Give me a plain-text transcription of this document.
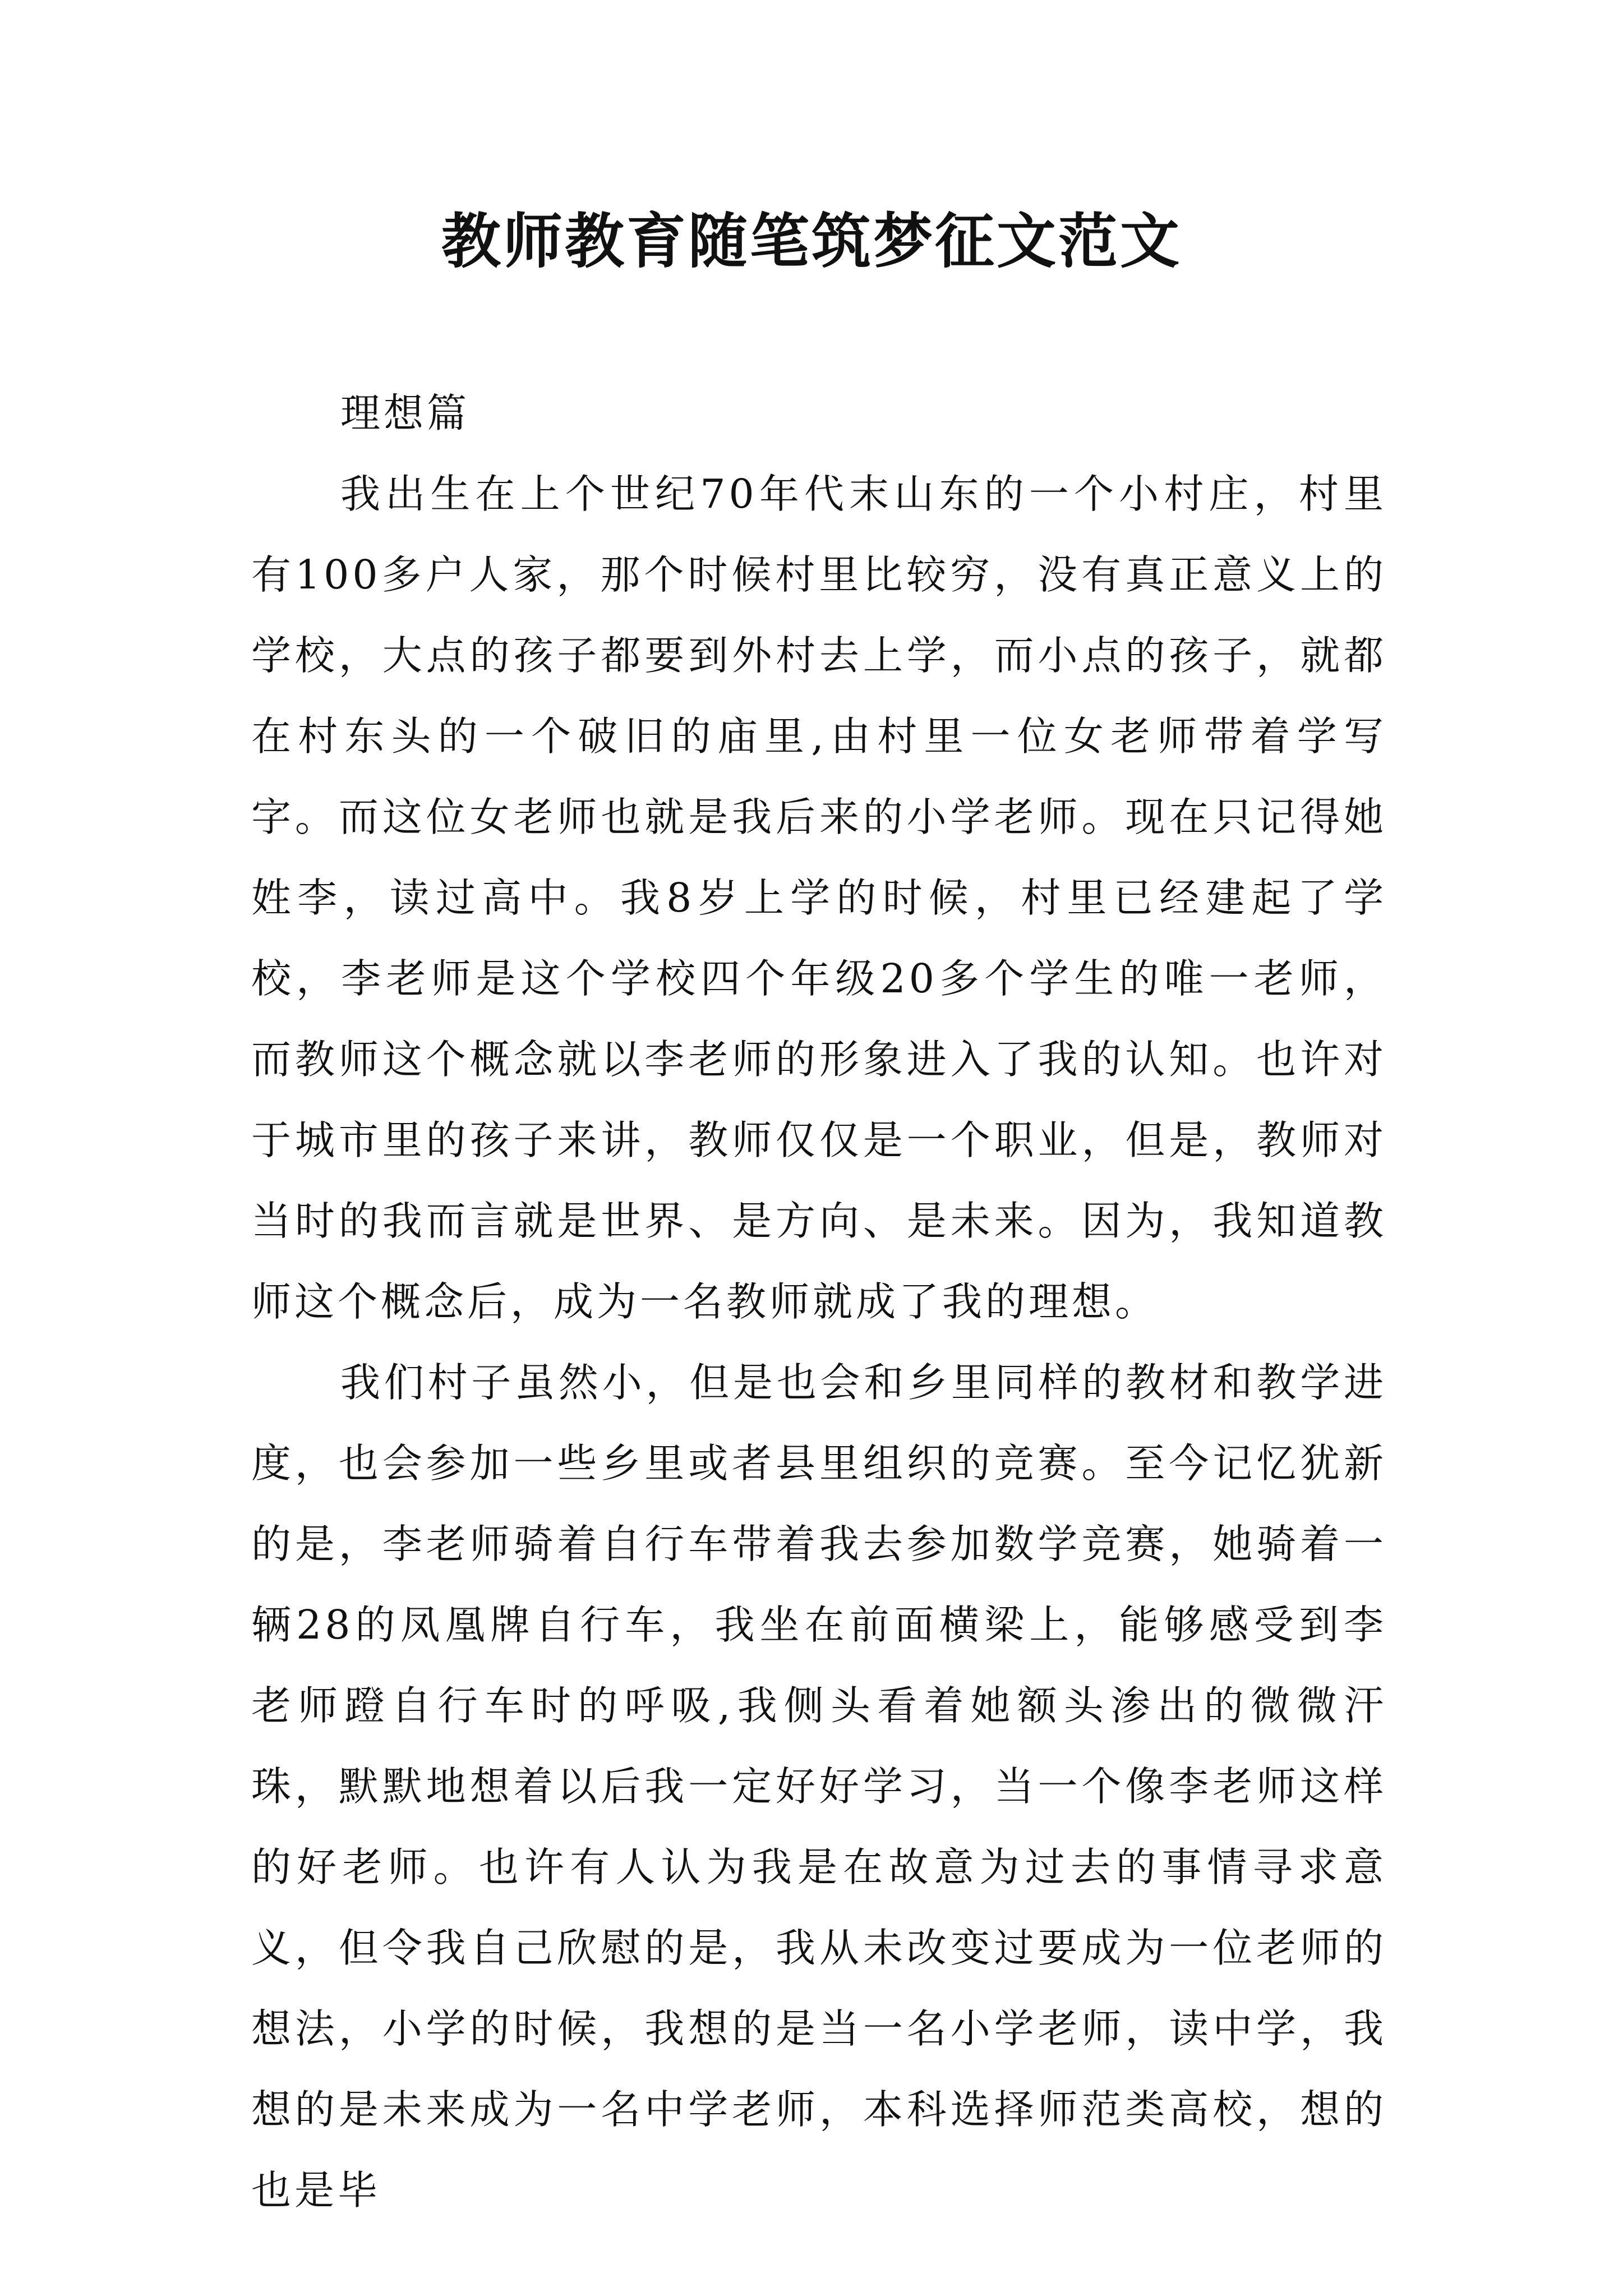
教师教育随笔筑梦征文范文

理想篇

我出生在上个世纪70年代末山东的一个小村庄，村里有100多户人家，那个时候村里比较穷，没有真正意义上的学校，大点的孩子都要到外村去上学，而小点的孩子，就都在村东头的一个破旧的庙里,由村里一位女老师带着学写字。而这位女老师也就是我后来的小学老师。现在只记得她姓李，读过高中。我8岁上学的时候，村里已经建起了学校，李老师是这个学校四个年级20多个学生的唯一老师，而教师这个概念就以李老师的形象进入了我的认知。也许对于城市里的孩子来讲，教师仅仅是一个职业，但是，教师对当时的我而言就是世界、是方向、是未来。因为，我知道教师这个概念后，成为一名教师就成了我的理想。

我们村子虽然小，但是也会和乡里同样的教材和教学进度，也会参加一些乡里或者县里组织的竞赛。至今记忆犹新的是，李老师骑着自行车带着我去参加数学竞赛，她骑着一辆28的凤凰牌自行车，我坐在前面横梁上，能够感受到李老师蹬自行车时的呼吸,我侧头看着她额头渗出的微微汗珠，默默地想着以后我一定好好学习，当一个像李老师这样的好老师。也许有人认为我是在故意为过去的事情寻求意义，但令我自己欣慰的是，我从未改变过要成为一位老师的想法，小学的时候，我想的是当一名小学老师，读中学，我想的是未来成为一名中学老师，本科选择师范类高校，想的也是毕
